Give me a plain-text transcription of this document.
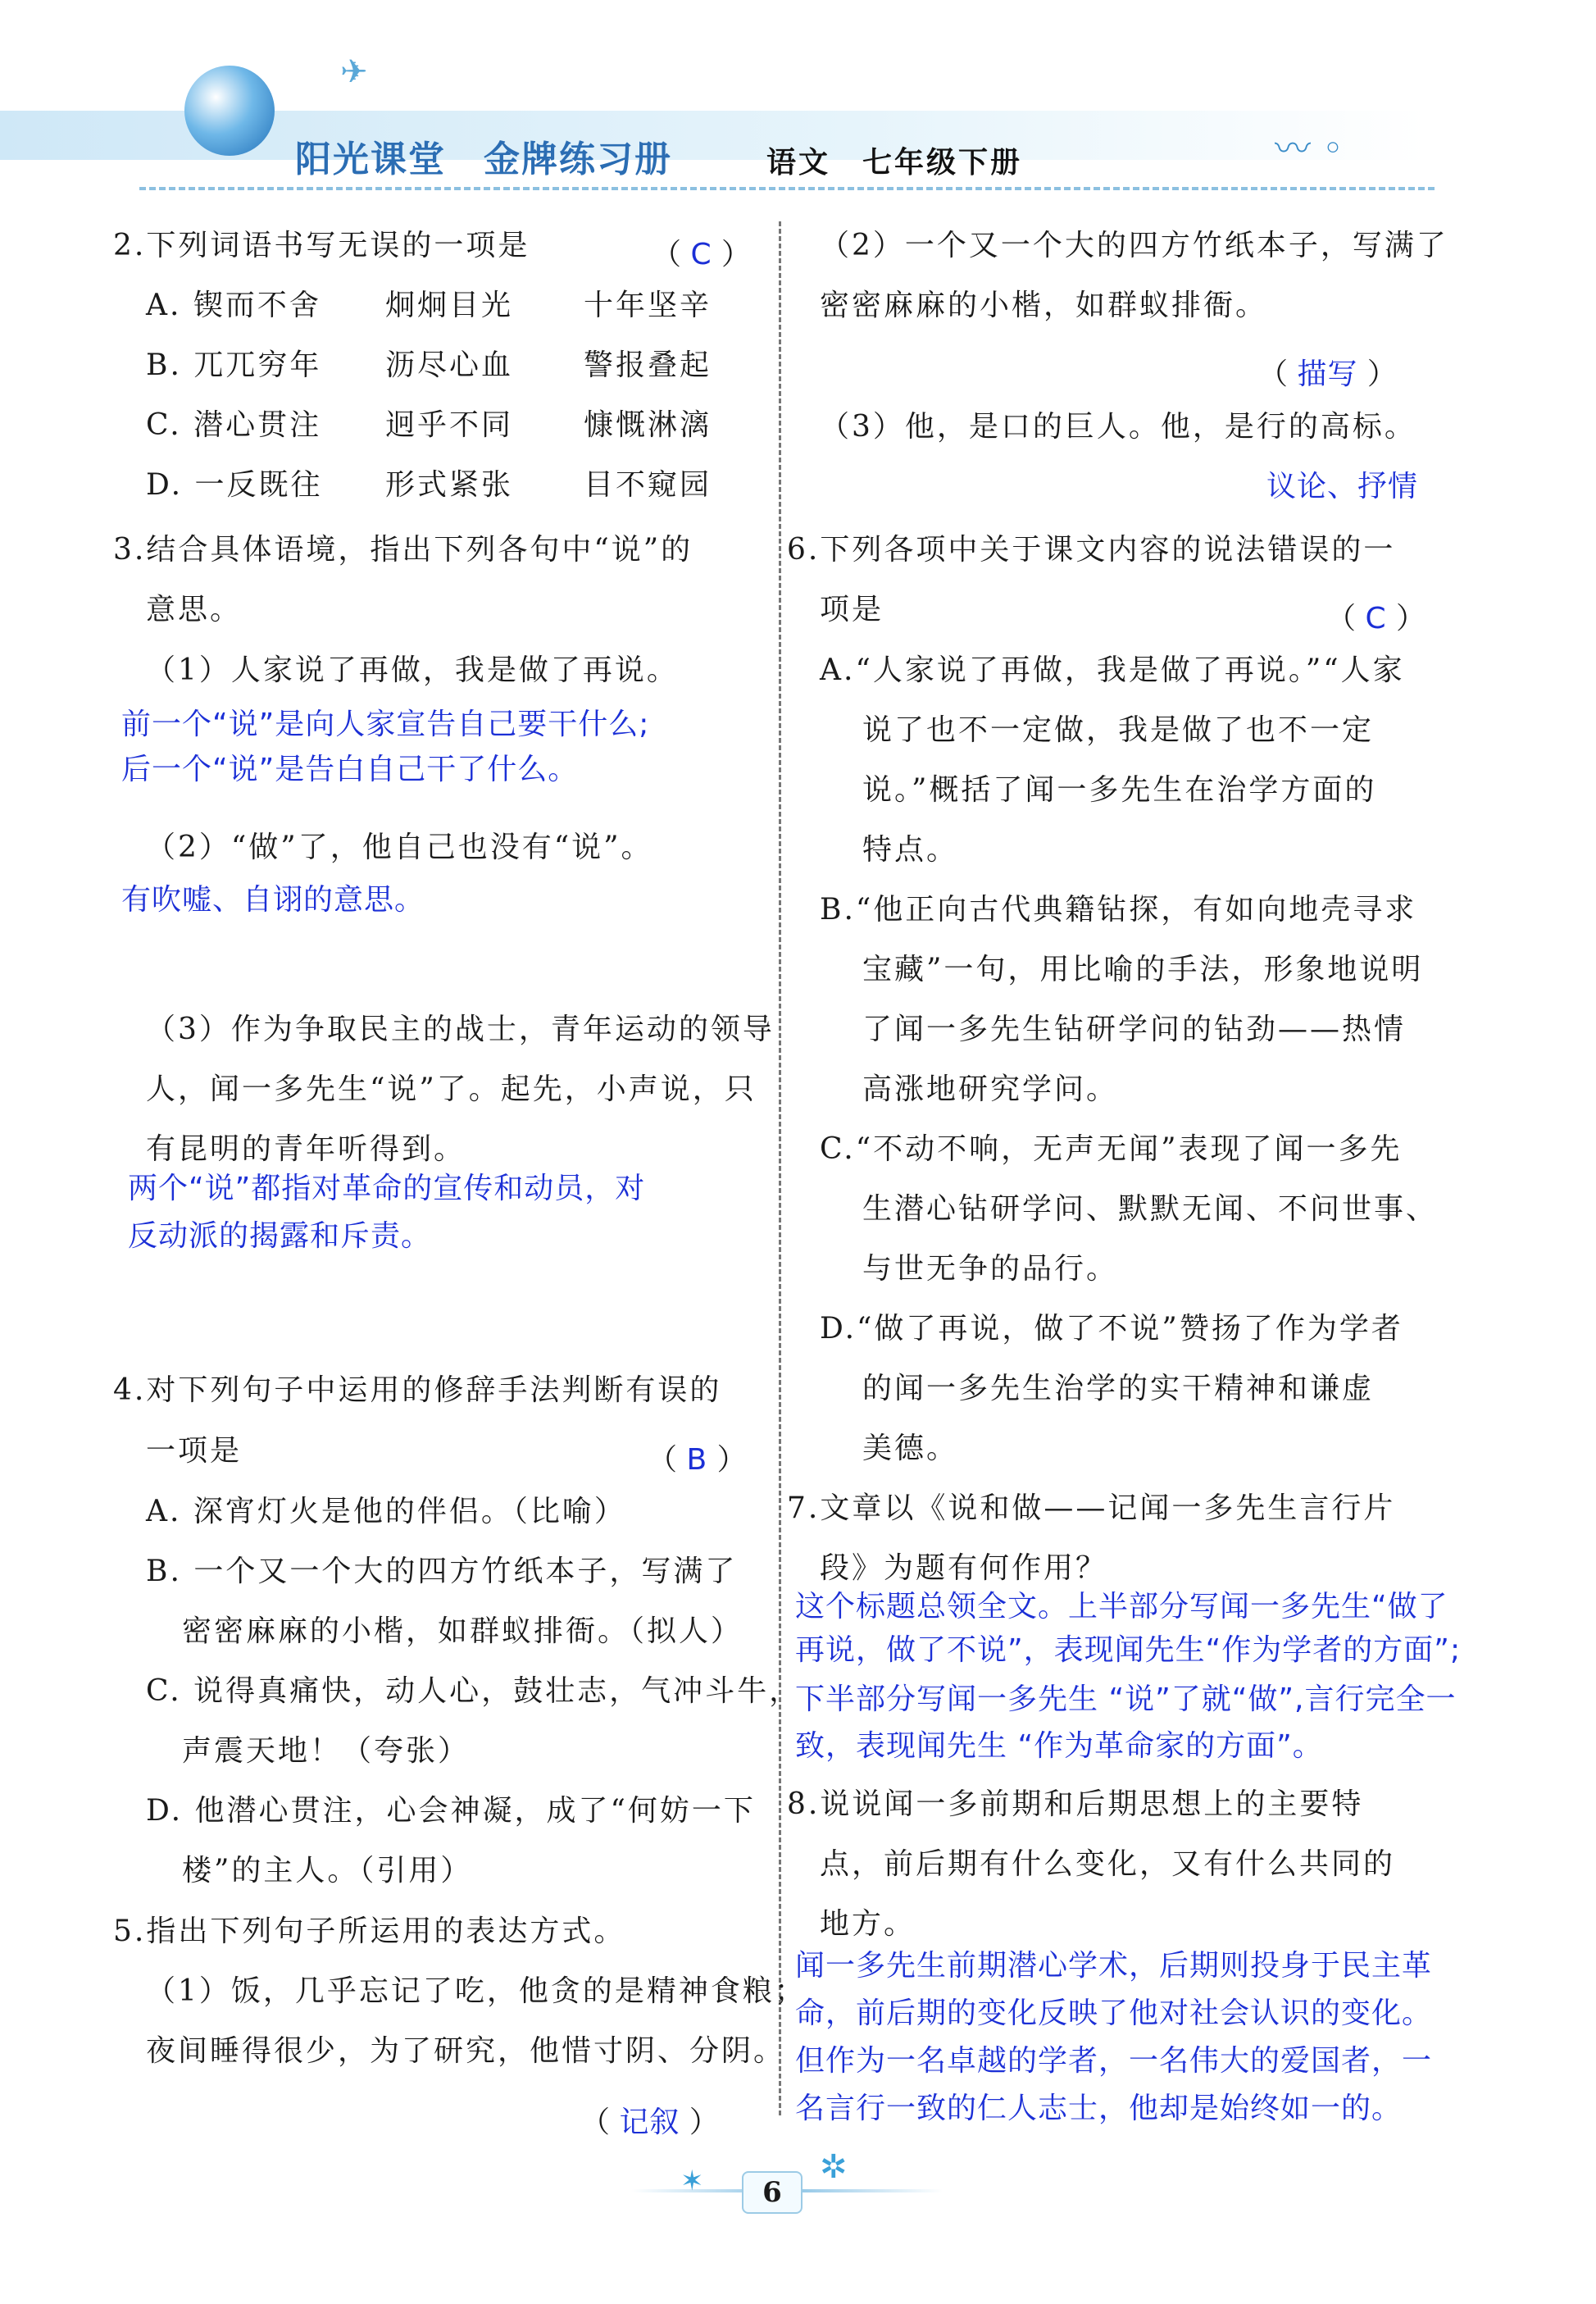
✈
阳光课堂　金牌练习册	语文　七年级下册	〰 ◦
2.下列词语书写无误的一项是	（ C ）
A. 锲而不舍 炯炯目光 十年坚辛
B. 兀兀穷年 沥尽心血 警报叠起
C. 潜心贯注 迥乎不同 慷慨淋漓
D. 一反既往 形式紧张 目不窥园
3.结合具体语境，指出下列各句中“说”的
意思。
（1）人家说了再做，我是做了再说。
前一个“说”是向人家宣告自己要干什么;
后一个“说”是告白自己干了什么。
（2）“做”了，他自己也没有“说”。
有吹嘘、自诩的意思。
（3）作为争取民主的战士，青年运动的领导
人，闻一多先生“说”了。起先，小声说，只
有昆明的青年听得到。
两个“说”都指对革命的宣传和动员，对
反动派的揭露和斥责。
4.对下列句子中运用的修辞手法判断有误的
一项是	（ B ）
A. 深宵灯火是他的伴侣。（比喻）
B. 一个又一个大的四方竹纸本子，写满了
密密麻麻的小楷，如群蚁排衙。（拟人）
C. 说得真痛快，动人心，鼓壮志，气冲斗牛，
声震天地！（夸张）
D. 他潜心贯注，心会神凝，成了“何妨一下
楼”的主人。（引用）
5.指出下列句子所运用的表达方式。
（1）饭，几乎忘记了吃，他贪的是精神食粮；
夜间睡得很少，为了研究，他惜寸阴、分阴。
（ 记叙 ）
（2）一个又一个大的四方竹纸本子，写满了
密密麻麻的小楷，如群蚁排衙。
（ 描写 ）
（3）他，是口的巨人。他，是行的高标。
议论、抒情
6.下列各项中关于课文内容的说法错误的一
项是	（ C ）
A.“人家说了再做，我是做了再说。”“人家
说了也不一定做，我是做了也不一定
说。”概括了闻一多先生在治学方面的
特点。
B.“他正向古代典籍钻探，有如向地壳寻求
宝藏”一句，用比喻的手法，形象地说明
了闻一多先生钻研学问的钻劲——热情
高涨地研究学问。
C.“不动不响，无声无闻”表现了闻一多先
生潜心钻研学问、默默无闻、不问世事、
与世无争的品行。
D.“做了再说，做了不说”赞扬了作为学者
的闻一多先生治学的实干精神和谦虚
美德。
7.文章以《说和做——记闻一多先生言行片
段》为题有何作用？
这个标题总领全文。上半部分写闻一多先生“做了
再说，做了不说”，表现闻先生“作为学者的方面”;
下半部分写闻一多先生 “说”了就“做”,言行完全一
致，表现闻先生 “作为革命家的方面”。
8.说说闻一多前期和后期思想上的主要特
点，前后期有什么变化，又有什么共同的
地方。
闻一多先生前期潜心学术，后期则投身于民主革
命，前后期的变化反映了他对社会认识的变化。
但作为一名卓越的学者，一名伟大的爱国者，一
名言行一致的仁人志士，他却是始终如一的。
✶	✲
6
